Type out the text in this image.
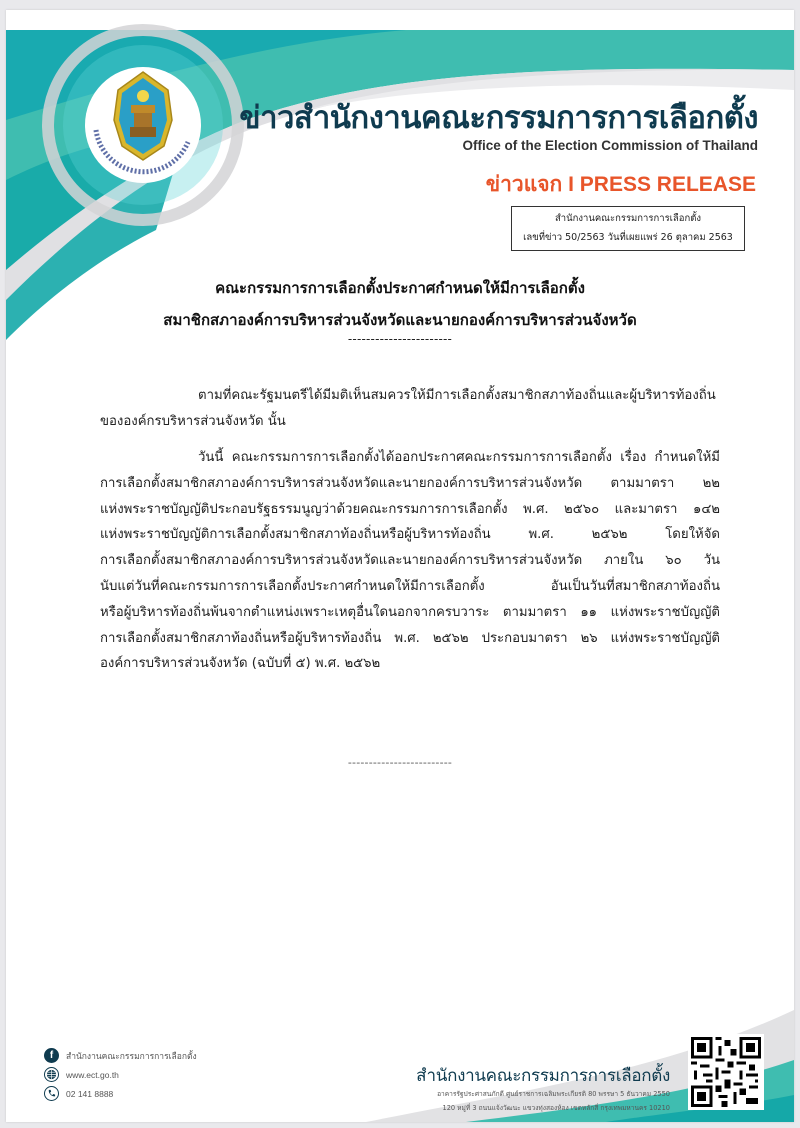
ข่าวสำนักงานคณะกรรมการการเลือกตั้ง
Office of the Election Commission of Thailand
ข่าวแจก I PRESS RELEASE
สำนักงานคณะกรรมการการเลือกตั้ง
เลขที่ข่าว 50/2563 วันที่เผยแพร่ 26 ตุลาคม 2563
คณะกรรมการการเลือกตั้งประกาศกำหนดให้มีการเลือกตั้ง
สมาชิกสภาองค์การบริหารส่วนจังหวัดและนายกองค์การบริหารส่วนจังหวัด
-----------------------
ตามที่คณะรัฐมนตรีได้มีมติเห็นสมควรให้มีการเลือกตั้งสมาชิกสภาท้องถิ่นและผู้บริหารท้องถิ่น
ขององค์กรบริหารส่วนจังหวัด นั้น
วันนี้ คณะกรรมการการเลือกตั้งได้ออกประกาศคณะกรรมการการเลือกตั้ง เรื่อง กำหนดให้มี
การเลือกตั้งสมาชิกสภาองค์การบริหารส่วนจังหวัดและนายกองค์การบริหารส่วนจังหวัด ตามมาตรา ๒๒
แห่งพระราชบัญญัติประกอบรัฐธรรมนูญว่าด้วยคณะกรรมการการเลือกตั้ง พ.ศ. ๒๕๖๐ และมาตรา ๑๔๒
แห่งพระราชบัญญัติการเลือกตั้งสมาชิกสภาท้องถิ่นหรือผู้บริหารท้องถิ่น พ.ศ. ๒๕๖๒ โดยให้จัด
การเลือกตั้งสมาชิกสภาองค์การบริหารส่วนจังหวัดและนายกองค์การบริหารส่วนจังหวัด ภายใน ๖๐ วัน
นับแต่วันที่คณะกรรมการการเลือกตั้งประกาศกำหนดให้มีการเลือกตั้ง อันเป็นวันที่สมาชิกสภาท้องถิ่น
หรือผู้บริหารท้องถิ่นพ้นจากตำแหน่งเพราะเหตุอื่นใดนอกจากครบวาระ ตามมาตรา ๑๑ แห่งพระราชบัญญัติ
การเลือกตั้งสมาชิกสภาท้องถิ่นหรือผู้บริหารท้องถิ่น พ.ศ. ๒๕๖๒ ประกอบมาตรา ๒๖ แห่งพระราชบัญญัติ
องค์การบริหารส่วนจังหวัด (ฉบับที่ ๕) พ.ศ. ๒๕๖๒
-------------------------
f	สำนักงานคณะกรรมการการเลือกตั้ง
www.ect.go.th
02 141 8888
สำนักงานคณะกรรมการการเลือกตั้ง
อาคารรัฐประศาสนภักดี ศูนย์ราชการเฉลิมพระเกียรติ 80 พรรษา 5 ธันวาคม 2550
120 หมู่ที่ 3 ถนนแจ้งวัฒนะ แขวงทุ่งสองห้อง เขตหลักสี่ กรุงเทพมหานคร 10210
